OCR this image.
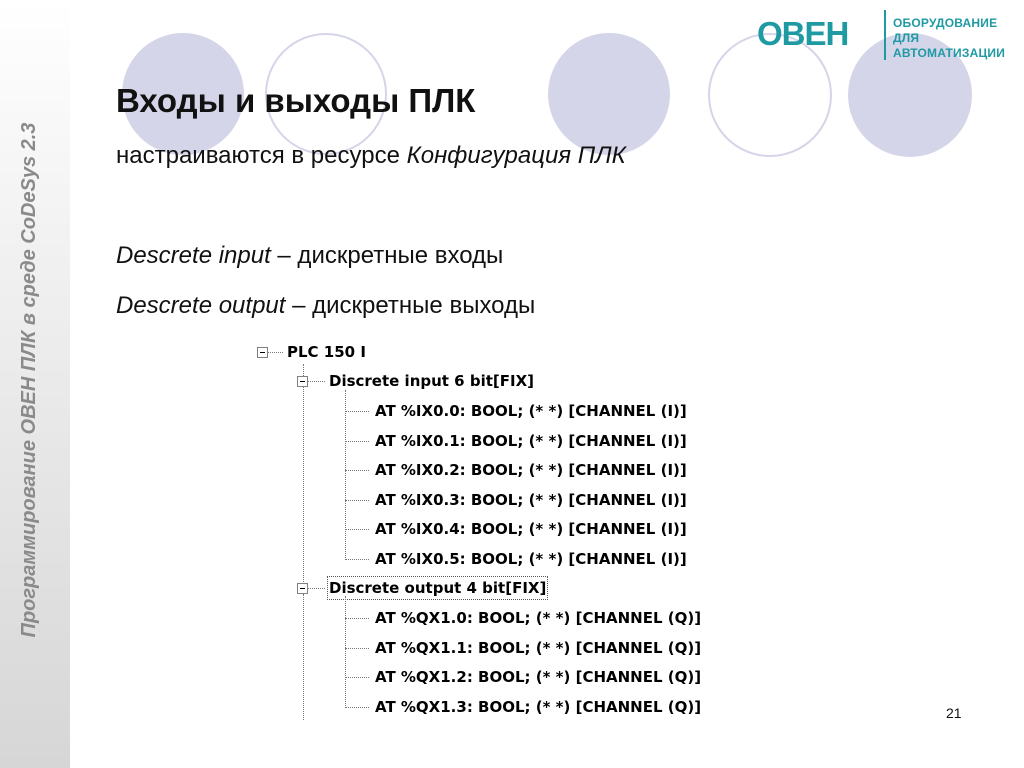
Программирование ОВЕН ПЛК в среде CoDeSys 2.3
OBEH	ОБОРУДОВАНИЕ
ДЛЯ АВТОМАТИЗАЦИИ
Входы и выходы ПЛК
настраиваются в ресурсе Конфигурация ПЛК
Descrete input – дискретные входы
Descrete output – дискретные выходы
PLC 150 I
Discrete input 6 bit[FIX]
Discrete output 4 bit[FIX]
AT %IX0.0: BOOL; (* *) [CHANNEL (I)]
AT %IX0.1: BOOL; (* *) [CHANNEL (I)]
AT %IX0.2: BOOL; (* *) [CHANNEL (I)]
AT %IX0.3: BOOL; (* *) [CHANNEL (I)]
AT %IX0.4: BOOL; (* *) [CHANNEL (I)]
AT %IX0.5: BOOL; (* *) [CHANNEL (I)]
AT %QX1.0: BOOL; (* *) [CHANNEL (Q)]
AT %QX1.1: BOOL; (* *) [CHANNEL (Q)]
AT %QX1.2: BOOL; (* *) [CHANNEL (Q)]
AT %QX1.3: BOOL; (* *) [CHANNEL (Q)]	21
